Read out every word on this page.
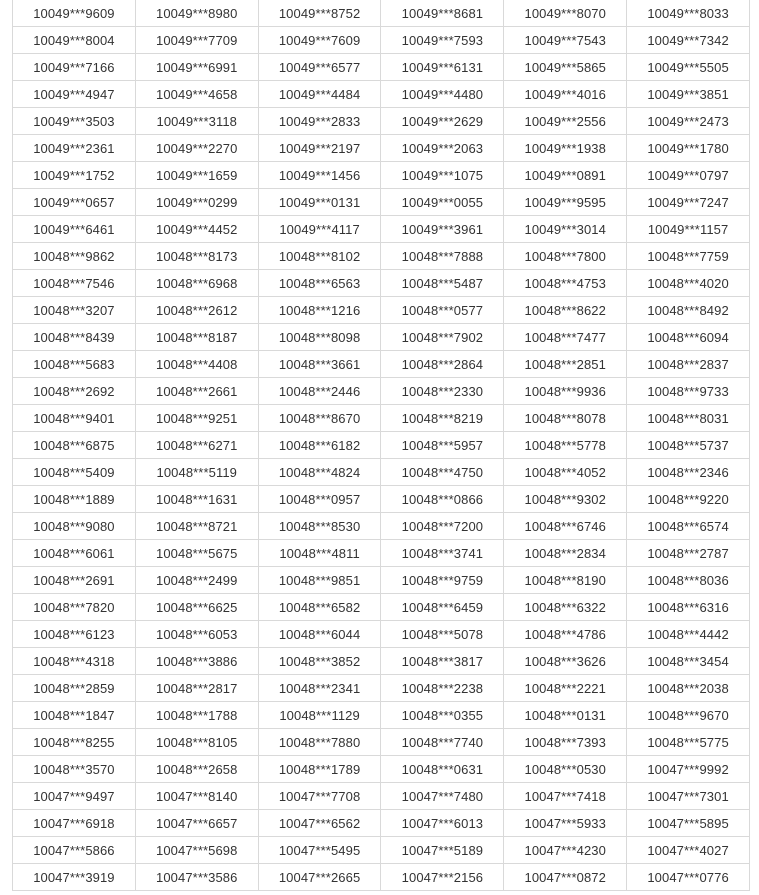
10049***9609	10049***8980	10049***8752	10049***8681	10049***8070	10049***8033
10049***8004	10049***7709	10049***7609	10049***7593	10049***7543	10049***7342
10049***7166	10049***6991	10049***6577	10049***6131	10049***5865	10049***5505
10049***4947	10049***4658	10049***4484	10049***4480	10049***4016	10049***3851
10049***3503	10049***3118	10049***2833	10049***2629	10049***2556	10049***2473
10049***2361	10049***2270	10049***2197	10049***2063	10049***1938	10049***1780
10049***1752	10049***1659	10049***1456	10049***1075	10049***0891	10049***0797
10049***0657	10049***0299	10049***0131	10049***0055	10049***9595	10049***7247
10049***6461	10049***4452	10049***4117	10049***3961	10049***3014	10049***1157
10048***9862	10048***8173	10048***8102	10048***7888	10048***7800	10048***7759
10048***7546	10048***6968	10048***6563	10048***5487	10048***4753	10048***4020
10048***3207	10048***2612	10048***1216	10048***0577	10048***8622	10048***8492
10048***8439	10048***8187	10048***8098	10048***7902	10048***7477	10048***6094
10048***5683	10048***4408	10048***3661	10048***2864	10048***2851	10048***2837
10048***2692	10048***2661	10048***2446	10048***2330	10048***9936	10048***9733
10048***9401	10048***9251	10048***8670	10048***8219	10048***8078	10048***8031
10048***6875	10048***6271	10048***6182	10048***5957	10048***5778	10048***5737
10048***5409	10048***5119	10048***4824	10048***4750	10048***4052	10048***2346
10048***1889	10048***1631	10048***0957	10048***0866	10048***9302	10048***9220
10048***9080	10048***8721	10048***8530	10048***7200	10048***6746	10048***6574
10048***6061	10048***5675	10048***4811	10048***3741	10048***2834	10048***2787
10048***2691	10048***2499	10048***9851	10048***9759	10048***8190	10048***8036
10048***7820	10048***6625	10048***6582	10048***6459	10048***6322	10048***6316
10048***6123	10048***6053	10048***6044	10048***5078	10048***4786	10048***4442
10048***4318	10048***3886	10048***3852	10048***3817	10048***3626	10048***3454
10048***2859	10048***2817	10048***2341	10048***2238	10048***2221	10048***2038
10048***1847	10048***1788	10048***1129	10048***0355	10048***0131	10048***9670
10048***8255	10048***8105	10048***7880	10048***7740	10048***7393	10048***5775
10048***3570	10048***2658	10048***1789	10048***0631	10048***0530	10047***9992
10047***9497	10047***8140	10047***7708	10047***7480	10047***7418	10047***7301
10047***6918	10047***6657	10047***6562	10047***6013	10047***5933	10047***5895
10047***5866	10047***5698	10047***5495	10047***5189	10047***4230	10047***4027
10047***3919	10047***3586	10047***2665	10047***2156	10047***0872	10047***0776
